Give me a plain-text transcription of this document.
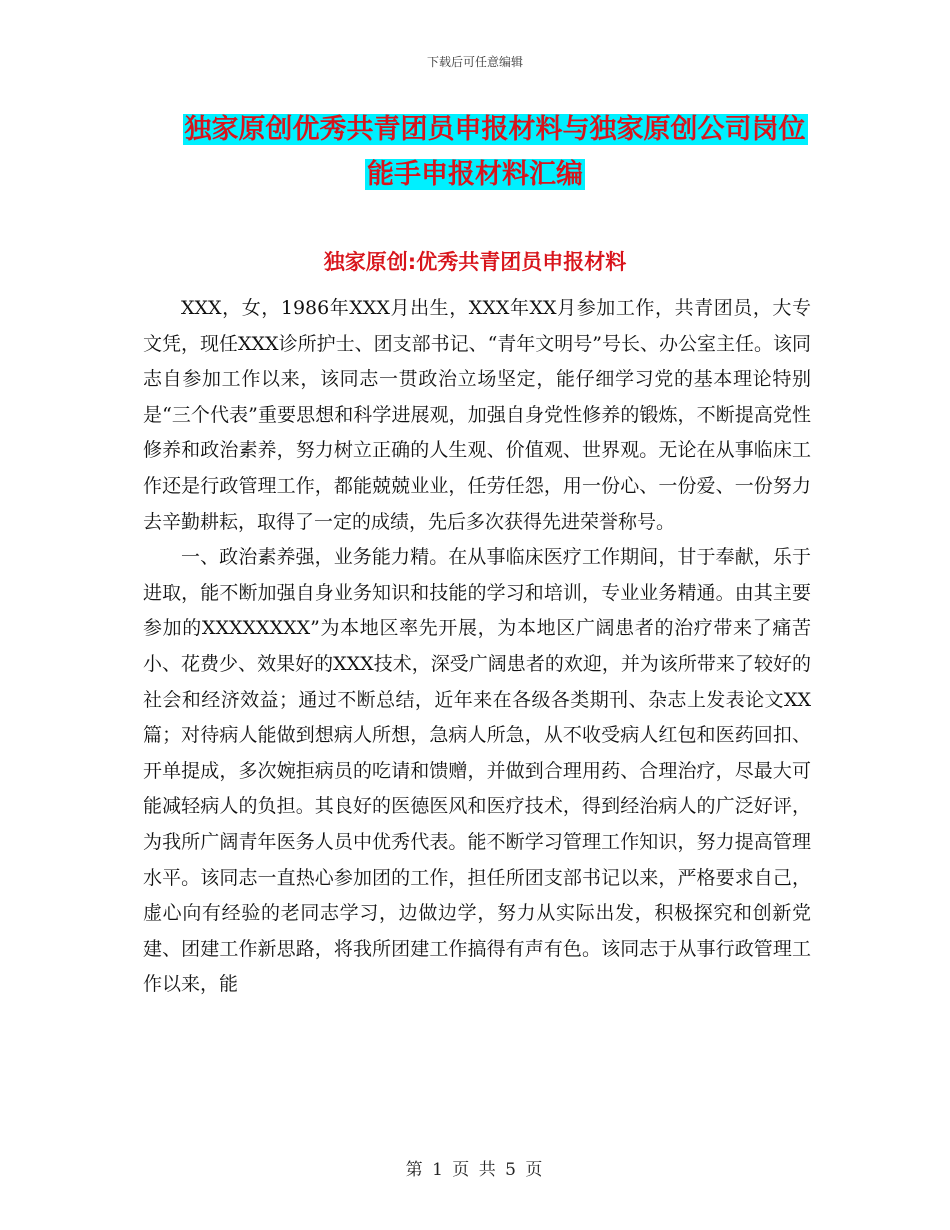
下载后可任意编辑
独家原创优秀共青团员申报材料与独家原创公司岗位
能手申报材料汇编
独家原创:优秀共青团员申报材料

XXX，女，1986年XXX月出生，XXX年XX月参加工作，共青团员，大专文凭，现任XXX诊所护士、团支部书记、“青年文明号”号长、办公室主任。该同志自参加工作以来，该同志一贯政治立场坚定，能仔细学习党的基本理论特别是“三个代表”重要思想和科学进展观，加强自身党性修养的锻炼，不断提高党性修养和政治素养，努力树立正确的人生观、价值观、世界观。无论在从事临床工作还是行政管理工作，都能兢兢业业，任劳任怨，用一份心、一份爱、一份努力去辛勤耕耘，取得了一定的成绩，先后多次获得先进荣誉称号。

一、政治素养强，业务能力精。在从事临床医疗工作期间，甘于奉献，乐于进取，能不断加强自身业务知识和技能的学习和培训，专业业务精通。由其主要参加的XXXXXXXX”为本地区率先开展，为本地区广阔患者的治疗带来了痛苦小、花费少、效果好的XXX技术，深受广阔患者的欢迎，并为该所带来了较好的社会和经济效益；通过不断总结，近年来在各级各类期刊、杂志上发表论文XX篇；对待病人能做到想病人所想，急病人所急，从不收受病人红包和医药回扣、开单提成，多次婉拒病员的吃请和馈赠，并做到合理用药、合理治疗，尽最大可能减轻病人的负担。其良好的医德医风和医疗技术，得到经治病人的广泛好评，为我所广阔青年医务人员中优秀代表。能不断学习管理工作知识，努力提高管理水平。该同志一直热心参加团的工作，担任所团支部书记以来，严格要求自己，虚心向有经验的老同志学习，边做边学，努力从实际出发，积极探究和创新党建、团建工作新思路，将我所团建工作搞得有声有色。该同志于从事行政管理工作以来，能

第 1 页 共 5 页
